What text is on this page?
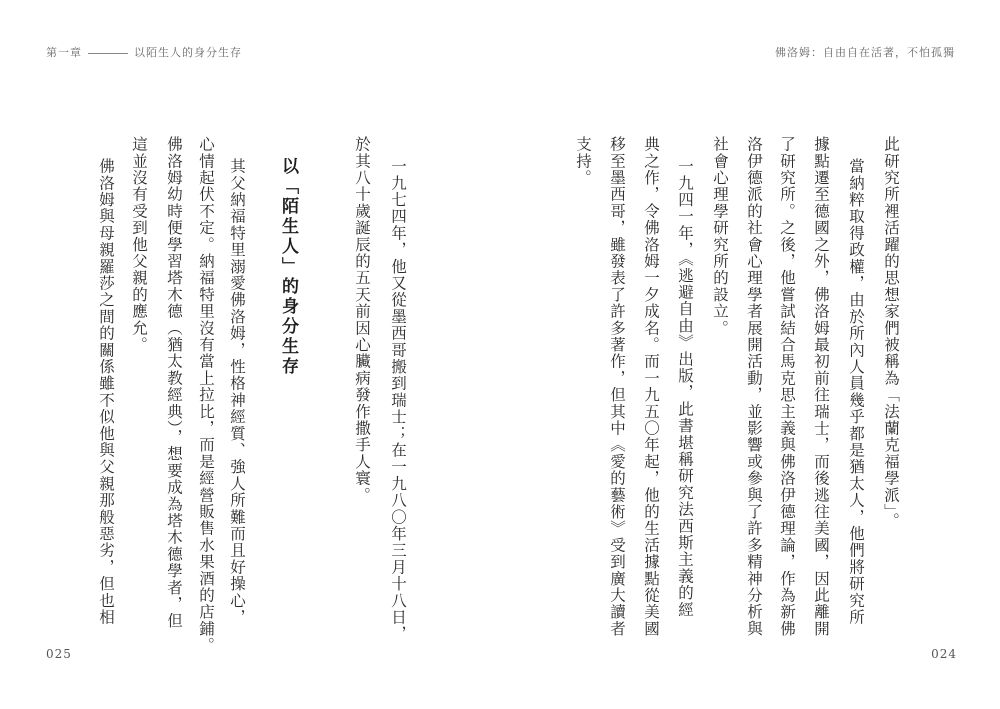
第一章	以陌生人的身分生存
一九七四年，他又從墨西哥搬到瑞士；在一九八〇年三月十八日，
於其八十歲誕辰的五天前因心臟病發作撒手人寰。
以「陌生人」的身分生存
其父納福特里溺愛佛洛姆，性格神經質、強人所難而且好操心，
心情起伏不定。納福特里沒有當上拉比，而是經營販售水果酒的店鋪。
佛洛姆幼時便學習塔木德（猶太教經典），想要成為塔木德學者，但
這並沒有受到他父親的應允。
佛洛姆與母親羅莎之間的關係雖不似他與父親那般惡劣，但也相
025
佛洛姆：自由自在活著，不怕孤獨
此研究所裡活躍的思想家們被稱為「法蘭克福學派」。
當納粹取得政權，由於所內人員幾乎都是猶太人，他們將研究所
據點遷至德國之外，佛洛姆最初前往瑞士，而後逃往美國，因此離開
了研究所。之後，他嘗試結合馬克思主義與佛洛伊德理論，作為新佛
洛伊德派的社會心理學者展開活動，並影響或參與了許多精神分析與
社會心理學研究所的設立。
一九四一年，《逃避自由》出版，此書堪稱研究法西斯主義的經
典之作，令佛洛姆一夕成名。而一九五〇年起，他的生活據點從美國
移至墨西哥，雖發表了許多著作，但其中《愛的藝術》受到廣大讀者
支持。
024
